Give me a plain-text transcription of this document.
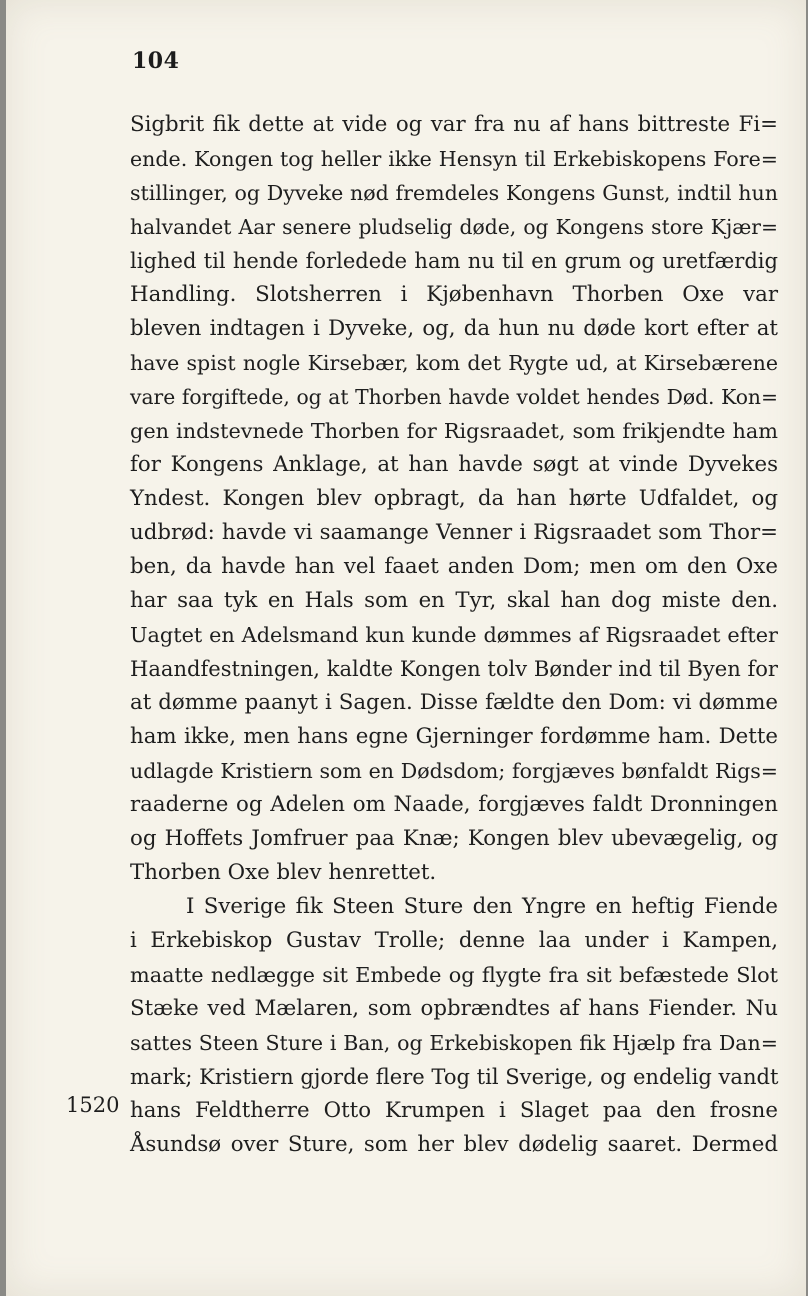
104
Sigbrit fik dette at vide og var fra nu af hans bittreste Fi=
ende. Kongen tog heller ikke Hensyn til Erkebiskopens Fore=
stillinger, og Dyveke nød fremdeles Kongens Gunst, indtil hun
halvandet Aar senere pludselig døde, og Kongens store Kjær=
lighed til hende forledede ham nu til en grum og uretfærdig
Handling. Slotsherren i Kjøbenhavn Thorben Oxe var
bleven indtagen i Dyveke, og, da hun nu døde kort efter at
have spist nogle Kirsebær, kom det Rygte ud, at Kirsebærene
vare forgiftede, og at Thorben havde voldet hendes Død. Kon=
gen indstevnede Thorben for Rigsraadet, som frikjendte ham
for Kongens Anklage, at han havde søgt at vinde Dyvekes
Yndest. Kongen blev opbragt, da han hørte Udfaldet, og
udbrød: havde vi saamange Venner i Rigsraadet som Thor=
ben, da havde han vel faaet anden Dom; men om den Oxe
har saa tyk en Hals som en Tyr, skal han dog miste den.
Uagtet en Adelsmand kun kunde dømmes af Rigsraadet efter
Haandfestningen, kaldte Kongen tolv Bønder ind til Byen for
at dømme paanyt i Sagen. Disse fældte den Dom: vi dømme
ham ikke, men hans egne Gjerninger fordømme ham. Dette
udlagde Kristiern som en Dødsdom; forgjæves bønfaldt Rigs=
raaderne og Adelen om Naade, forgjæves faldt Dronningen
og Hoffets Jomfruer paa Knæ; Kongen blev ubevægelig, og
Thorben Oxe blev henrettet.
I Sverige fik Steen Sture den Yngre en heftig Fiende
i Erkebiskop Gustav Trolle; denne laa under i Kampen,
maatte nedlægge sit Embede og flygte fra sit befæstede Slot
Stæke ved Mælaren, som opbrændtes af hans Fiender. Nu
sattes Steen Sture i Ban, og Erkebiskopen fik Hjælp fra Dan=
mark; Kristiern gjorde flere Tog til Sverige, og endelig vandt
hans Feldtherre Otto Krumpen i Slaget paa den frosne
Åsundsø over Sture, som her blev dødelig saaret. Dermed
1520
